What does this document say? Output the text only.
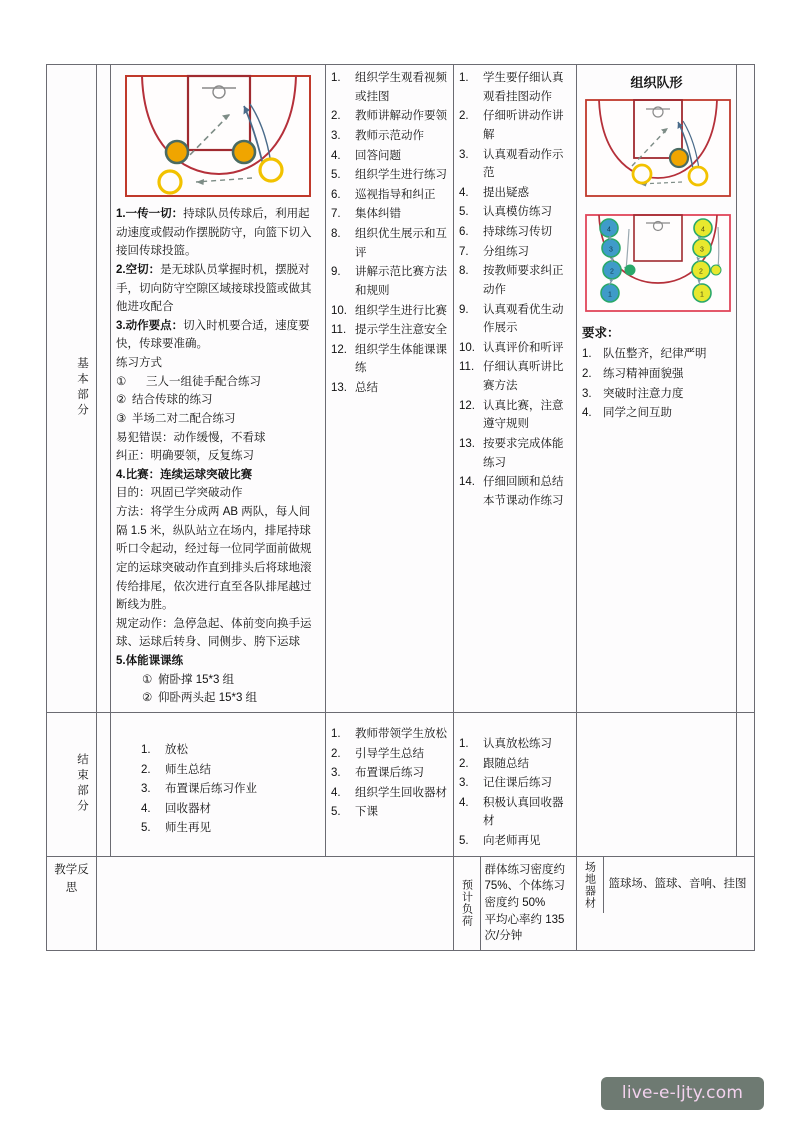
基本部分		
1.一传一切：持球队员传球后，利用起动速度或假动作摆脱防守，向篮下切入接回传球投篮。
2.空切：是无球队员掌握时机，摆脱对手，切向防守空隙区域接球投篮或做其他进攻配合
3.动作要点：切入时机要合适，速度要快，传球要准确。
练习方式
① 三人一组徒手配合练习
② 结合传球的练习
③ 半场二对二配合练习
易犯错误：动作缓慢，不看球
纠正：明确要领，反复练习
4.比赛：连续运球突破比赛
目的：巩固已学突破动作
方法：将学生分成两 AB 两队，每人间隔 1.5 米，纵队站立在场内，排尾持球听口令起动，经过每一位同学面前做规定的运球突破动作直到排头后将球地滚传给排尾，依次进行直至各队排尾越过断线为胜。
规定动作：急停急起、体前变向换手运球、运球后转身、同侧步、胯下运球
5.体能课课练
① 俯卧撑 15*3 组
② 仰卧两头起 15*3 组

组织学生观看视频或挂图
教师讲解动作要领
教师示范动作
回答问题
组织学生进行练习
巡视指导和纠正
集体纠错
组织优生展示和互评
讲解示范比赛方法和规则
组织学生进行比赛
提示学生注意安全
组织学生体能课课练
总结

学生要仔细认真观看挂图动作
仔细听讲动作讲解
认真观看动作示范
提出疑惑
认真模仿练习
持球练习传切
分组练习
按教师要求纠正动作
认真观看优生动作展示
认真评价和听评
仔细认真听讲比赛方法
认真比赛，注意遵守规则
按要求完成体能练习
仔细回顾和总结本节课动作练习

组织队形
1
2
3
4
1
2
3
4
要求：
队伍整齐，纪律严明
练习精神面貌强
突破时注意力度
同学之间互助

结束部分		
放松
师生总结
布置课后练习作业
回收器材
师生再见

教师带领学生放松
引导学生总结
布置课后练习
组织学生回收器材
下课

认真放松练习
跟随总结
记住课后练习
积极认真回收器材
向老师再见

教学反思			预计负荷	
群体练习密度约 75%、个体练习密度约 50%
平均心率约 135 次/分钟

场地器材	篮球场、篮球、音响、挂图
live-e-ljty.com
